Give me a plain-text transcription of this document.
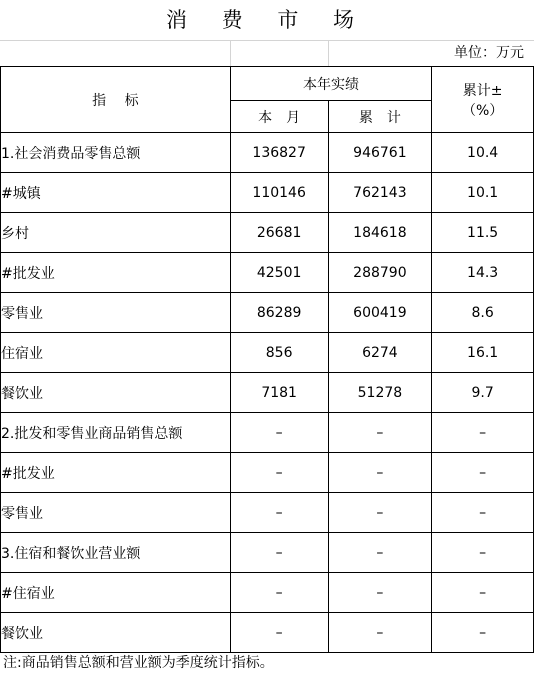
消 费 市 场
单位：万元
指　 标	本年实绩		累计±
（%）

	本　月	累　计	
1.社会消费品零售总额	136827	946761	10.4
#城镇	110146	762143	10.1
乡村	26681	184618	11.5
#批发业	42501	288790	14.3
零售业	86289	600419	8.6
住宿业	856	6274	16.1
餐饮业	7181	51278	9.7
2.批发和零售业商品销售总额	–	–	–
#批发业	–	–	–
零售业	–	–	–
3.住宿和餐饮业营业额	–	–	–
#住宿业	–	–	–
餐饮业	–	–	–
注:商品销售总额和营业额为季度统计指标。
